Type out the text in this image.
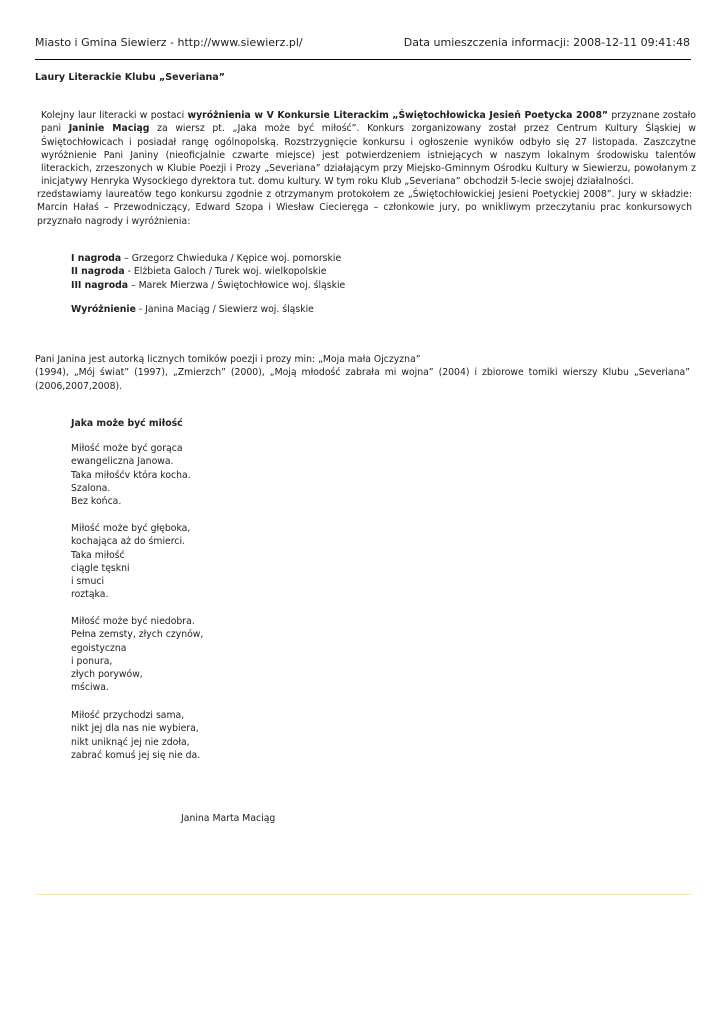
Miasto i Gmina Siewierz - http://www.siewierz.pl/	Data umieszczenia informacji: 2008-12-11 09:41:48
Laury Literackie Klubu „Severiana”

Kolejny laur literacki w postaci wyróżnienia w V Konkursie Literackim „Świętochłowicka Jesień Poetycka 2008” przyznane zostało pani Janinie Maciąg za wiersz pt. „Jaka może być miłość”. Konkurs zorganizowany został przez Centrum Kultury Śląskiej w Świętochłowicach i posiadał rangę ogólnopolską. Rozstrzygnięcie konkursu i ogłoszenie wyników odbyło się 27 listopada. Zaszczytne wyróżnienie Pani Janiny (nieoficjalnie czwarte miejsce) jest potwierdzeniem istniejących w naszym lokalnym środowisku talentów literackich, zrzeszonych w Klubie Poezji i Prozy „Severiana” działającym przy Miejsko-Gminnym Ośrodku Kultury w Siewierzu, powołanym z inicjatywy Henryka Wysockiego dyrektora tut. domu kultury. W tym roku Klub „Severiana” obchodził 5-lecie swojej działalności.

rzedstawiamy laureatów tego konkursu zgodnie z otrzymanym protokołem ze „Świętochłowickiej Jesieni Poetyckiej 2008”. Jury w składzie: Marcin Hałaś – Przewodniczący, Edward Szopa i Wiesław Ciecieręga – członkowie jury, po wnikliwym przeczytaniu prac konkursowych przyznało nagrody i wyróżnienia:

I nagroda – Grzegorz Chwieduka / Kępice woj. pomorskie
II nagroda - Elżbieta Galoch / Turek woj. wielkopolskie
III nagroda – Marek Mierzwa / Świętochłowice woj. śląskie
Wyróżnienie - Janina Maciąg / Siewierz woj. śląskie

Pani Janina jest autorką licznych tomików poezji i prozy min: „Moja mała Ojczyzna”
(1994), „Mój świat” (1997), „Zmierzch” (2000), „Moją młodość zabrała mi wojna” (2004) i zbiorowe tomiki wierszy Klubu „Severiana” (2006,2007,2008).

Jaka może być miłość
Miłość może być gorąca
ewangeliczna Janowa.
Taka miłośćv która kocha.
Szalona.
Bez końca.
Miłość może być głęboka,
kochająca aż do śmierci.
Taka miłość
ciągle tęskni
i smuci
roztąka.
Miłość może być niedobra.
Pełna zemsty, złych czynów,
egoistyczna
i ponura,
złych porywów,
mściwa.
Miłość przychodzi sama,
nikt jej dla nas nie wybiera,
nikt uniknąć jej nie zdoła,
zabrać komuś jej się nie da.
Janina Marta Maciąg
